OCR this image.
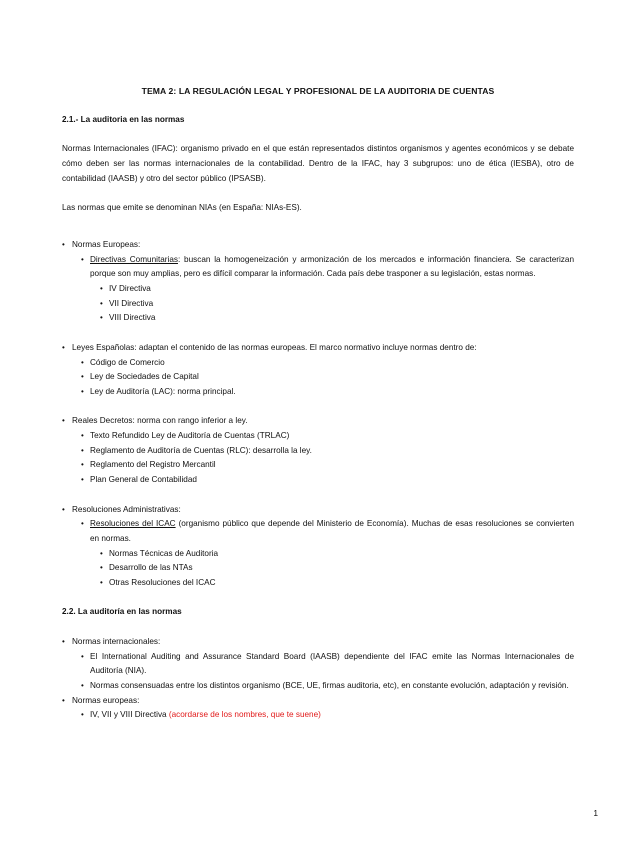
TEMA 2: LA REGULACIÓN LEGAL Y PROFESIONAL DE LA AUDITORIA DE CUENTAS

2.1.- La auditoria en las normas

Normas Internacionales (IFAC): organismo privado en el que están representados distintos organismos y agentes económicos y se debate cómo deben ser las normas internacionales de la contabilidad. Dentro de la IFAC, hay 3 subgrupos: uno de ética (IESBA), otro de contabilidad (IAASB) y otro del sector público (IPSASB).

Las normas que emite se denominan NIAs (en España: NIAs-ES).

• Normas Europeas:
• Directivas Comunitarias: buscan la homogeneización y armonización de los mercados e información financiera. Se caracterizan porque son muy amplias, pero es difícil comparar la información. Cada país debe trasponer a su legislación, estas normas.
• IV Directiva
• VII Directiva
• VIII Directiva
• Leyes Españolas: adaptan el contenido de las normas europeas. El marco normativo incluye normas dentro de:
• Código de Comercio
• Ley de Sociedades de Capital
• Ley de Auditoría (LAC): norma principal.
• Reales Decretos: norma con rango inferior a ley.
• Texto Refundido Ley de Auditoría de Cuentas (TRLAC)
• Reglamento de Auditoría de Cuentas (RLC): desarrolla la ley.
• Reglamento del Registro Mercantil
• Plan General de Contabilidad
• Resoluciones Administrativas:
• Resoluciones del ICAC (organismo público que depende del Ministerio de Economía). Muchas de esas resoluciones se convierten en normas.
• Normas Técnicas de Auditoria
• Desarrollo de las NTAs
• Otras Resoluciones del ICAC

2.2. La auditoría en las normas

• Normas internacionales:
• El International Auditing and Assurance Standard Board (IAASB) dependiente del IFAC emite las Normas Internacionales de Auditoría (NIA).
• Normas consensuadas entre los distintos organismo (BCE, UE, firmas auditoria, etc), en constante evolución, adaptación y revisión.
• Normas europeas:
• IV, VII y VIII Directiva (acordarse de los nombres, que te suene)
1
